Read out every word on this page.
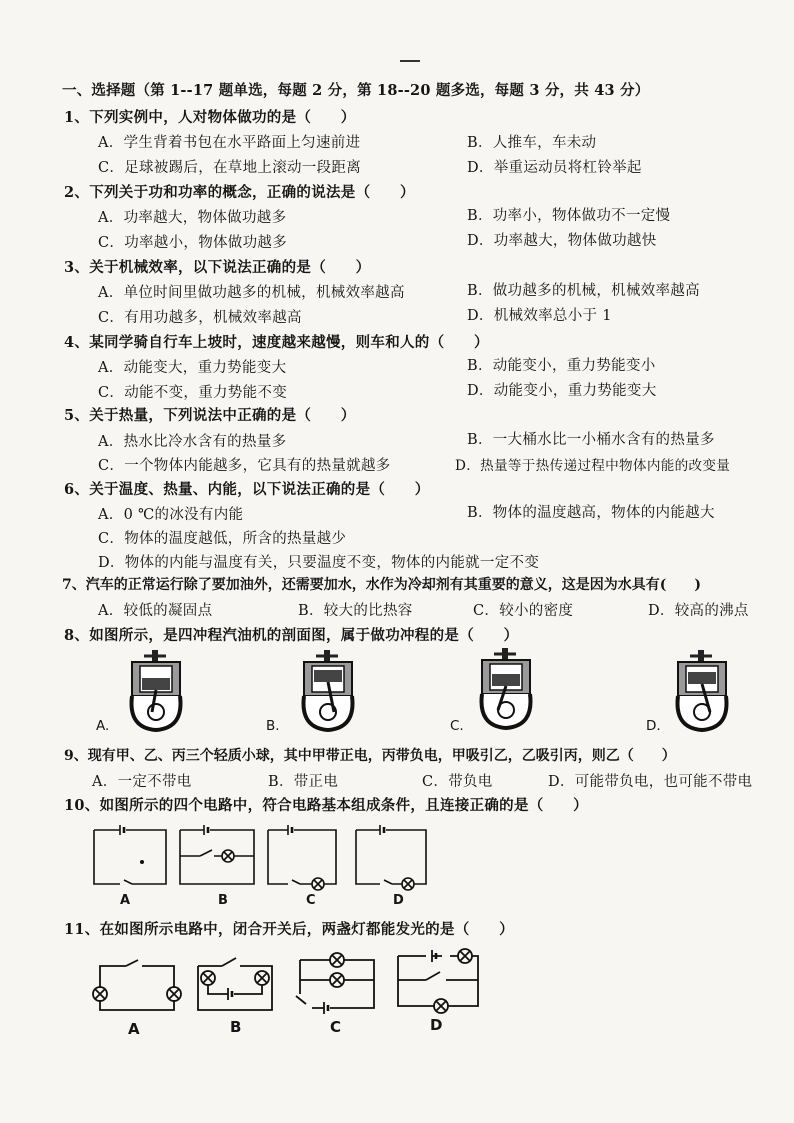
一、选择题（第 1--17 题单选，每题 2 分，第 18--20 题多选，每题 3 分，共 43 分）
1、下列实例中，人对物体做功的是（　　）
A．学生背着书包在水平路面上匀速前进	B．人推车，车未动
C．足球被踢后，在草地上滚动一段距离	D．举重运动员将杠铃举起
2、下列关于功和功率的概念，正确的说法是（　　）
A．功率越大，物体做功越多	B．功率小，物体做功不一定慢
C．功率越小，物体做功越多	D．功率越大，物体做功越快
3、关于机械效率，以下说法正确的是（　　）
A．单位时间里做功越多的机械，机械效率越高	B．做功越多的机械，机械效率越高
C．有用功越多，机械效率越高	D．机械效率总小于 1
4、某同学骑自行车上坡时，速度越来越慢，则车和人的（　　）
A．动能变大，重力势能变大	B．动能变小，重力势能变小
C．动能不变，重力势能不变	D．动能变小，重力势能变大
5、关于热量，下列说法中正确的是（　　）
A．热水比冷水含有的热量多	B．一大桶水比一小桶水含有的热量多
C．一个物体内能越多，它具有的热量就越多	D．热量等于热传递过程中物体内能的改变量
6、关于温度、热量、内能，以下说法正确的是（　　）
A．0 ℃的冰没有内能	B．物体的温度越高，物体的内能越大
C．物体的温度越低，所含的热量越少
D．物体的内能与温度有关，只要温度不变，物体的内能就一定不变
7、汽车的正常运行除了要加油外，还需要加水，水作为冷却剂有其重要的意义，这是因为水具有(　　)
A．较低的凝固点	B．较大的比热容	C．较小的密度	D．较高的沸点
8、如图所示，是四冲程汽油机的剖面图，属于做功冲程的是（　　）
A.	B.	C.	D.
9、现有甲、乙、丙三个轻质小球，其中甲带正电，丙带负电，甲吸引乙，乙吸引丙，则乙（　　）
A．一定不带电	B．带正电	C．带负电	D．可能带负电，也可能不带电
10、如图所示的四个电路中，符合电路基本组成条件，且连接正确的是（　　）
A	B	C	D
11、在如图所示电路中，闭合开关后，两盏灯都能发光的是（　　）
A	B	C	D
